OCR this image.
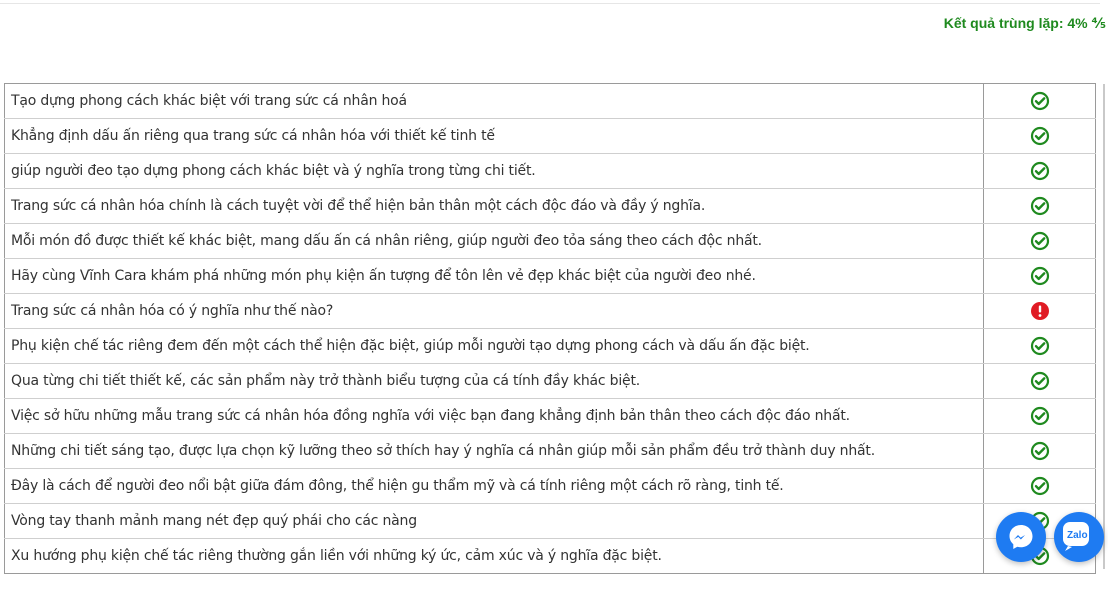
Kết quả trùng lặp: 4% ⅘
Tạo dựng phong cách khác biệt với trang sức cá nhân hoá	
Khẳng định dấu ấn riêng qua trang sức cá nhân hóa với thiết kế tinh tế	
giúp người đeo tạo dựng phong cách khác biệt và ý nghĩa trong từng chi tiết.	
Trang sức cá nhân hóa chính là cách tuyệt vời để thể hiện bản thân một cách độc đáo và đầy ý nghĩa.	
Mỗi món đồ được thiết kế khác biệt, mang dấu ấn cá nhân riêng, giúp người đeo tỏa sáng theo cách độc nhất.	
Hãy cùng Vĩnh Cara khám phá những món phụ kiện ấn tượng để tôn lên vẻ đẹp khác biệt của người đeo nhé.	
Trang sức cá nhân hóa có ý nghĩa như thế nào?	
Phụ kiện chế tác riêng đem đến một cách thể hiện đặc biệt, giúp mỗi người tạo dựng phong cách và dấu ấn đặc biệt.	
Qua từng chi tiết thiết kế, các sản phẩm này trở thành biểu tượng của cá tính đầy khác biệt.	
Việc sở hữu những mẫu trang sức cá nhân hóa đồng nghĩa với việc bạn đang khẳng định bản thân theo cách độc đáo nhất.	
Những chi tiết sáng tạo, được lựa chọn kỹ lưỡng theo sở thích hay ý nghĩa cá nhân giúp mỗi sản phẩm đều trở thành duy nhất.	
Đây là cách để người đeo nổi bật giữa đám đông, thể hiện gu thẩm mỹ và cá tính riêng một cách rõ ràng, tinh tế.	
Vòng tay thanh mảnh mang nét đẹp quý phái cho các nàng	
Xu hướng phụ kiện chế tác riêng thường gắn liền với những ký ức, cảm xúc và ý nghĩa đặc biệt.	
Zalo
